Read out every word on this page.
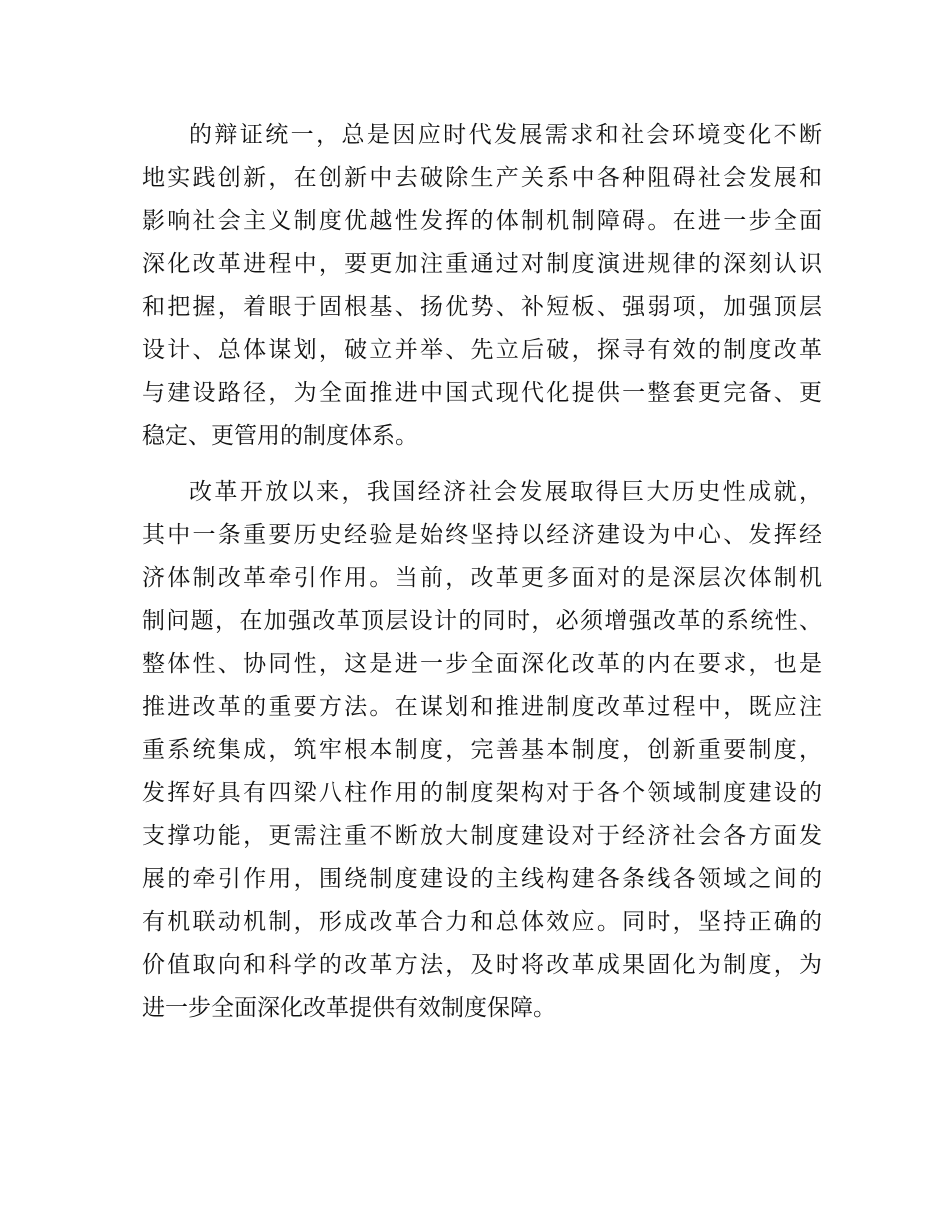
的辩证统一，总是因应时代发展需求和社会环境变化不断
地实践创新，在创新中去破除生产关系中各种阻碍社会发展和
影响社会主义制度优越性发挥的体制机制障碍。在进一步全面
深化改革进程中，要更加注重通过对制度演进规律的深刻认识
和把握，着眼于固根基、扬优势、补短板、强弱项，加强顶层
设计、总体谋划，破立并举、先立后破，探寻有效的制度改革
与建设路径，为全面推进中国式现代化提供一整套更完备、更
稳定、更管用的制度体系。
改革开放以来，我国经济社会发展取得巨大历史性成就，
其中一条重要历史经验是始终坚持以经济建设为中心、发挥经
济体制改革牵引作用。当前，改革更多面对的是深层次体制机
制问题，在加强改革顶层设计的同时，必须增强改革的系统性、
整体性、协同性，这是进一步全面深化改革的内在要求，也是
推进改革的重要方法。在谋划和推进制度改革过程中，既应注
重系统集成，筑牢根本制度，完善基本制度，创新重要制度，
发挥好具有四梁八柱作用的制度架构对于各个领域制度建设的
支撑功能，更需注重不断放大制度建设对于经济社会各方面发
展的牵引作用，围绕制度建设的主线构建各条线各领域之间的
有机联动机制，形成改革合力和总体效应。同时，坚持正确的
价值取向和科学的改革方法，及时将改革成果固化为制度，为
进一步全面深化改革提供有效制度保障。
